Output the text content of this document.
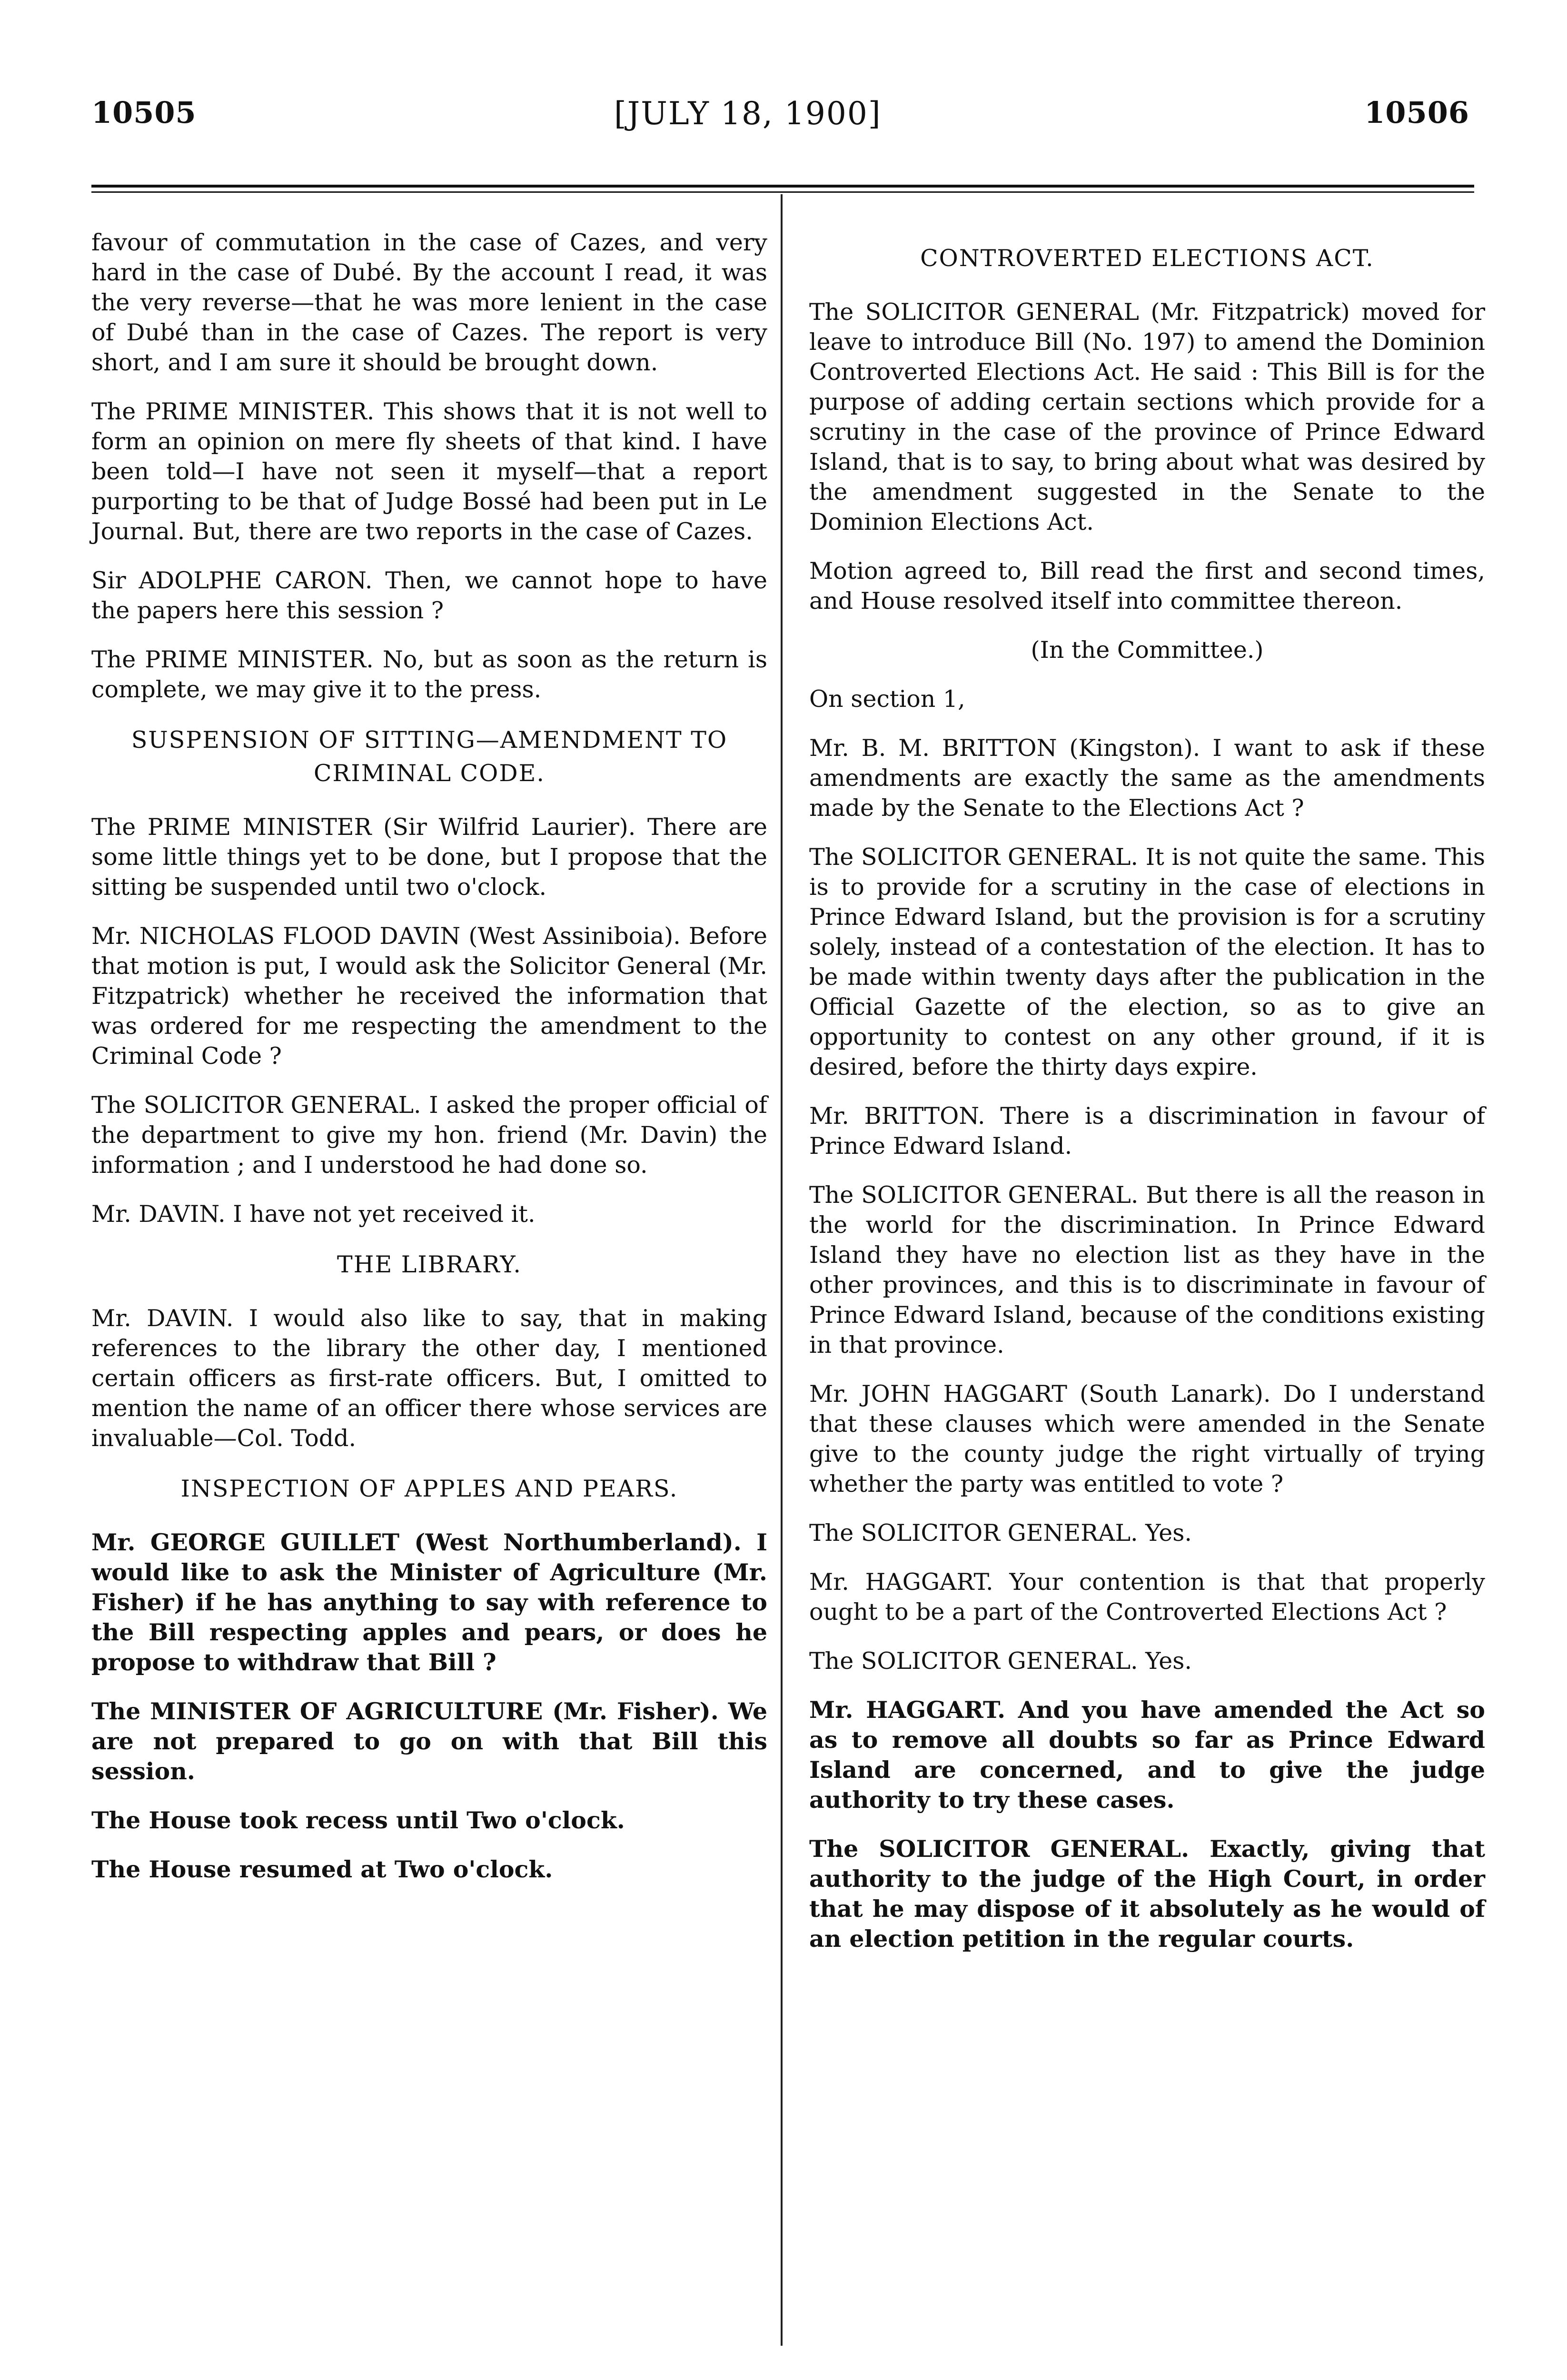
10505	[JULY 18, 1900]	10506

favour of commutation in the case of Cazes, and very hard in the case of Dubé. By the account I read, it was the very reverse—that he was more lenient in the case of Dubé than in the case of Cazes. The report is very short, and I am sure it should be brought down.

The PRIME MINISTER. This shows that it is not well to form an opinion on mere fly sheets of that kind. I have been told—I have not seen it myself—that a report purporting to be that of Judge Bossé had been put in Le Journal. But, there are two reports in the case of Cazes.

Sir ADOLPHE CARON. Then, we cannot hope to have the papers here this session ?

The PRIME MINISTER. No, but as soon as the return is complete, we may give it to the press.

SUSPENSION OF SITTING—AMENDMENT TO CRIMINAL CODE.

The PRIME MINISTER (Sir Wilfrid Laurier). There are some little things yet to be done, but I propose that the sitting be suspended until two o'clock.

Mr. NICHOLAS FLOOD DAVIN (West Assiniboia). Before that motion is put, I would ask the Solicitor General (Mr. Fitzpatrick) whether he received the information that was ordered for me respecting the amendment to the Criminal Code ?

The SOLICITOR GENERAL. I asked the proper official of the department to give my hon. friend (Mr. Davin) the information ; and I understood he had done so.

Mr. DAVIN. I have not yet received it.

THE LIBRARY.

Mr. DAVIN. I would also like to say, that in making references to the library the other day, I mentioned certain officers as first-rate officers. But, I omitted to mention the name of an officer there whose services are invaluable—Col. Todd.

INSPECTION OF APPLES AND PEARS.

Mr. GEORGE GUILLET (West Northumberland). I would like to ask the Minister of Agriculture (Mr. Fisher) if he has anything to say with reference to the Bill respecting apples and pears, or does he propose to withdraw that Bill ?

The MINISTER OF AGRICULTURE (Mr. Fisher). We are not prepared to go on with that Bill this session.

The House took recess until Two o'clock.

The House resumed at Two o'clock.

CONTROVERTED ELECTIONS ACT.

The SOLICITOR GENERAL (Mr. Fitzpatrick) moved for leave to introduce Bill (No. 197) to amend the Dominion Controverted Elections Act. He said : This Bill is for the purpose of adding certain sections which provide for a scrutiny in the case of the province of Prince Edward Island, that is to say, to bring about what was desired by the amendment suggested in the Senate to the Dominion Elections Act.

Motion agreed to, Bill read the first and second times, and House resolved itself into committee thereon.

(In the Committee.)

On section 1,

Mr. B. M. BRITTON (Kingston). I want to ask if these amendments are exactly the same as the amendments made by the Senate to the Elections Act ?

The SOLICITOR GENERAL. It is not quite the same. This is to provide for a scrutiny in the case of elections in Prince Edward Island, but the provision is for a scrutiny solely, instead of a contestation of the election. It has to be made within twenty days after the publication in the Official Gazette of the election, so as to give an opportunity to contest on any other ground, if it is desired, before the thirty days expire.

Mr. BRITTON. There is a discrimination in favour of Prince Edward Island.

The SOLICITOR GENERAL. But there is all the reason in the world for the discrimination. In Prince Edward Island they have no election list as they have in the other provinces, and this is to discriminate in favour of Prince Edward Island, because of the conditions existing in that province.

Mr. JOHN HAGGART (South Lanark). Do I understand that these clauses which were amended in the Senate give to the county judge the right virtually of trying whether the party was entitled to vote ?

The SOLICITOR GENERAL. Yes.

Mr. HAGGART. Your contention is that that properly ought to be a part of the Controverted Elections Act ?

The SOLICITOR GENERAL. Yes.

Mr. HAGGART. And you have amended the Act so as to remove all doubts so far as Prince Edward Island are concerned, and to give the judge authority to try these cases.

The SOLICITOR GENERAL. Exactly, giving that authority to the judge of the High Court, in order that he may dispose of it absolutely as he would of an election petition in the regular courts.
